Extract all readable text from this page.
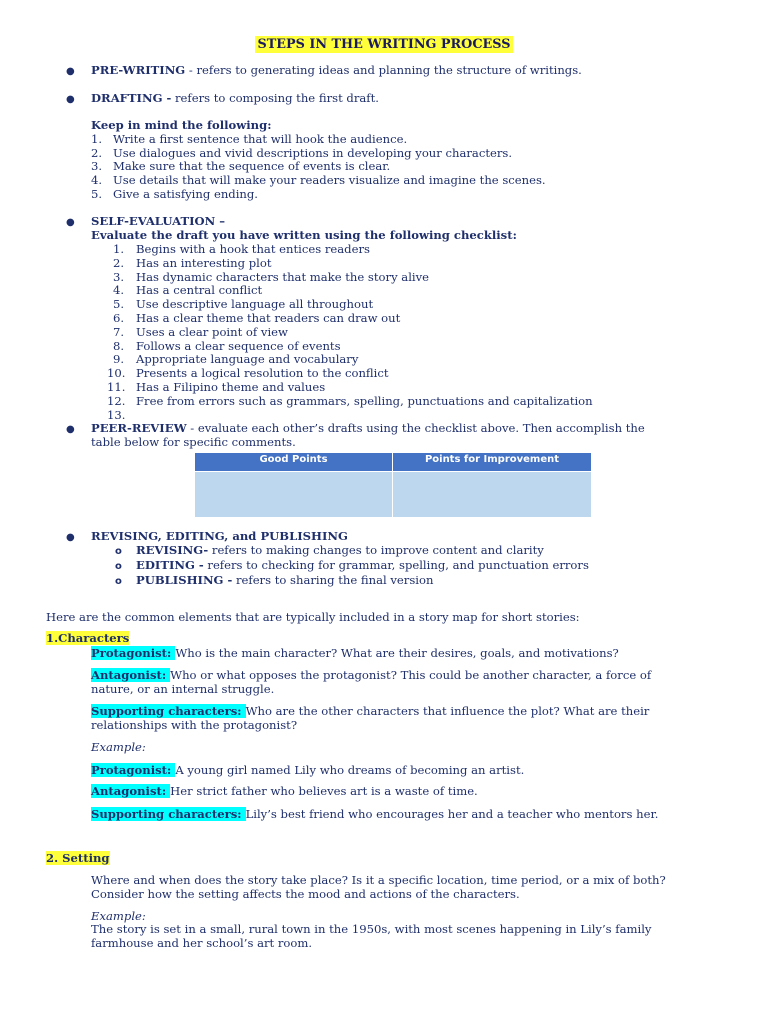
STEPS IN THE WRITING PROCESS
● PRE-WRITING - refers to generating ideas and planning the structure of writings.
● DRAFTING - refers to composing the first draft.
Keep in mind the following:
● SELF-EVALUATION –
Evaluate the draft you have written using the following checklist:
● PEER-REVIEW - evaluate each other’s drafts using the checklist above. Then accomplish the
table below for specific comments.
Good Points	Points for Improvement
● REVISING, EDITING, and PUBLISHING
o REVISING- refers to making changes to improve content and clarity
o EDITING - refers to checking for grammar, spelling, and punctuation errors
o PUBLISHING - refers to sharing the final version
Here are the common elements that are typically included in a story map for short stories:
1.Characters
Protagonist: Who is the main character? What are their desires, goals, and motivations?
Antagonist: Who or what opposes the protagonist? This could be another character, a force of
nature, or an internal struggle.
Supporting characters: Who are the other characters that influence the plot? What are their
relationships with the protagonist?
Example:
Protagonist: A young girl named Lily who dreams of becoming an artist.
Antagonist: Her strict father who believes art is a waste of time.
Supporting characters: Lily’s best friend who encourages her and a teacher who mentors her.
2. Setting
Where and when does the story take place? Is it a specific location, time period, or a mix of both?
Consider how the setting affects the mood and actions of the characters.
Example:
The story is set in a small, rural town in the 1950s, with most scenes happening in Lily’s family
farmhouse and her school’s art room.
1. Write a first sentence that will hook the audience.
2. Use dialogues and vivid descriptions in developing your characters.
3. Make sure that the sequence of events is clear.
4. Use details that will make your readers visualize and imagine the scenes.
5. Give a satisfying ending.
1. Begins with a hook that entices readers
2. Has an interesting plot
3. Has dynamic characters that make the story alive
4. Has a central conflict
5. Use descriptive language all throughout
6. Has a clear theme that readers can draw out
7. Uses a clear point of view
8. Follows a clear sequence of events
9. Appropriate language and vocabulary
10. Presents a logical resolution to the conflict
11. Has a Filipino theme and values
12. Free from errors such as grammars, spelling, punctuations and capitalization
13.
